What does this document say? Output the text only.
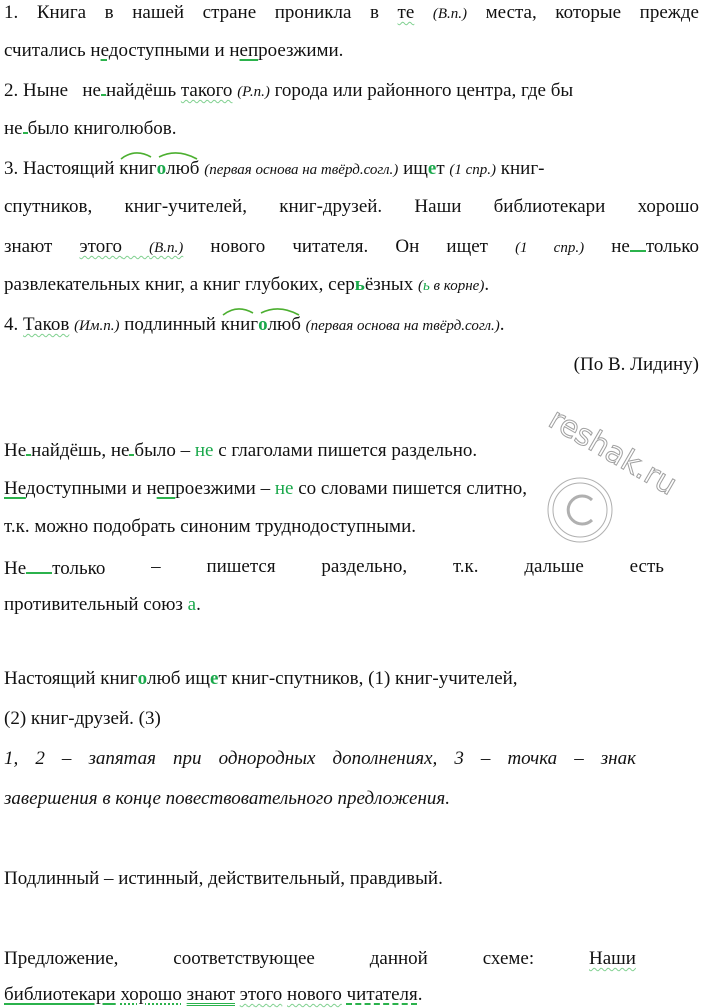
1. Книга в нашей стране проникла в те (В.п.) места, которые прежде
считались недоступными и непроезжими.
2. Ныне   не найдёшь такого (Р.п.) города или районного центра, где бы
не было книголюбов.
3. Настоящий
книголюб (первая основа на твёрд.согл.) ищет (1 спр.) книг-
спутников, книг-учителей, книг-друзей. Наши библиотекари хорошо
знают этого (В.п.) нового читателя. Он ищет (1 спр.) не только
развлекательных книг, а книг глубоких, серьёзных (ь в корне).
4. Таков (Им.п.) подлинный
книголюб (первая основа на твёрд.согл.).
(По В. Лидину)
Не найдёшь, не было – не с глаголами пишется раздельно.
Недоступными и непроезжими – не со словами пишется слитно,
т.к. можно подобрать синоним труднодоступными.
Не только – пишется раздельно, т.к. дальше есть
противительный союз а.
Настоящий книголюб ищет книг-спутников, (1) книг-учителей,
(2) книг-друзей. (3)
1, 2 – запятая при однородных дополнениях, 3 – точка – знак
завершения в конце повествовательного предложения.
Подлинный – истинный, действительный, правдивый.
Предложение,	соответствующее	данной	схеме:	Наши
библиотекари хорошо знают этого нового читателя.
reshak.ru
